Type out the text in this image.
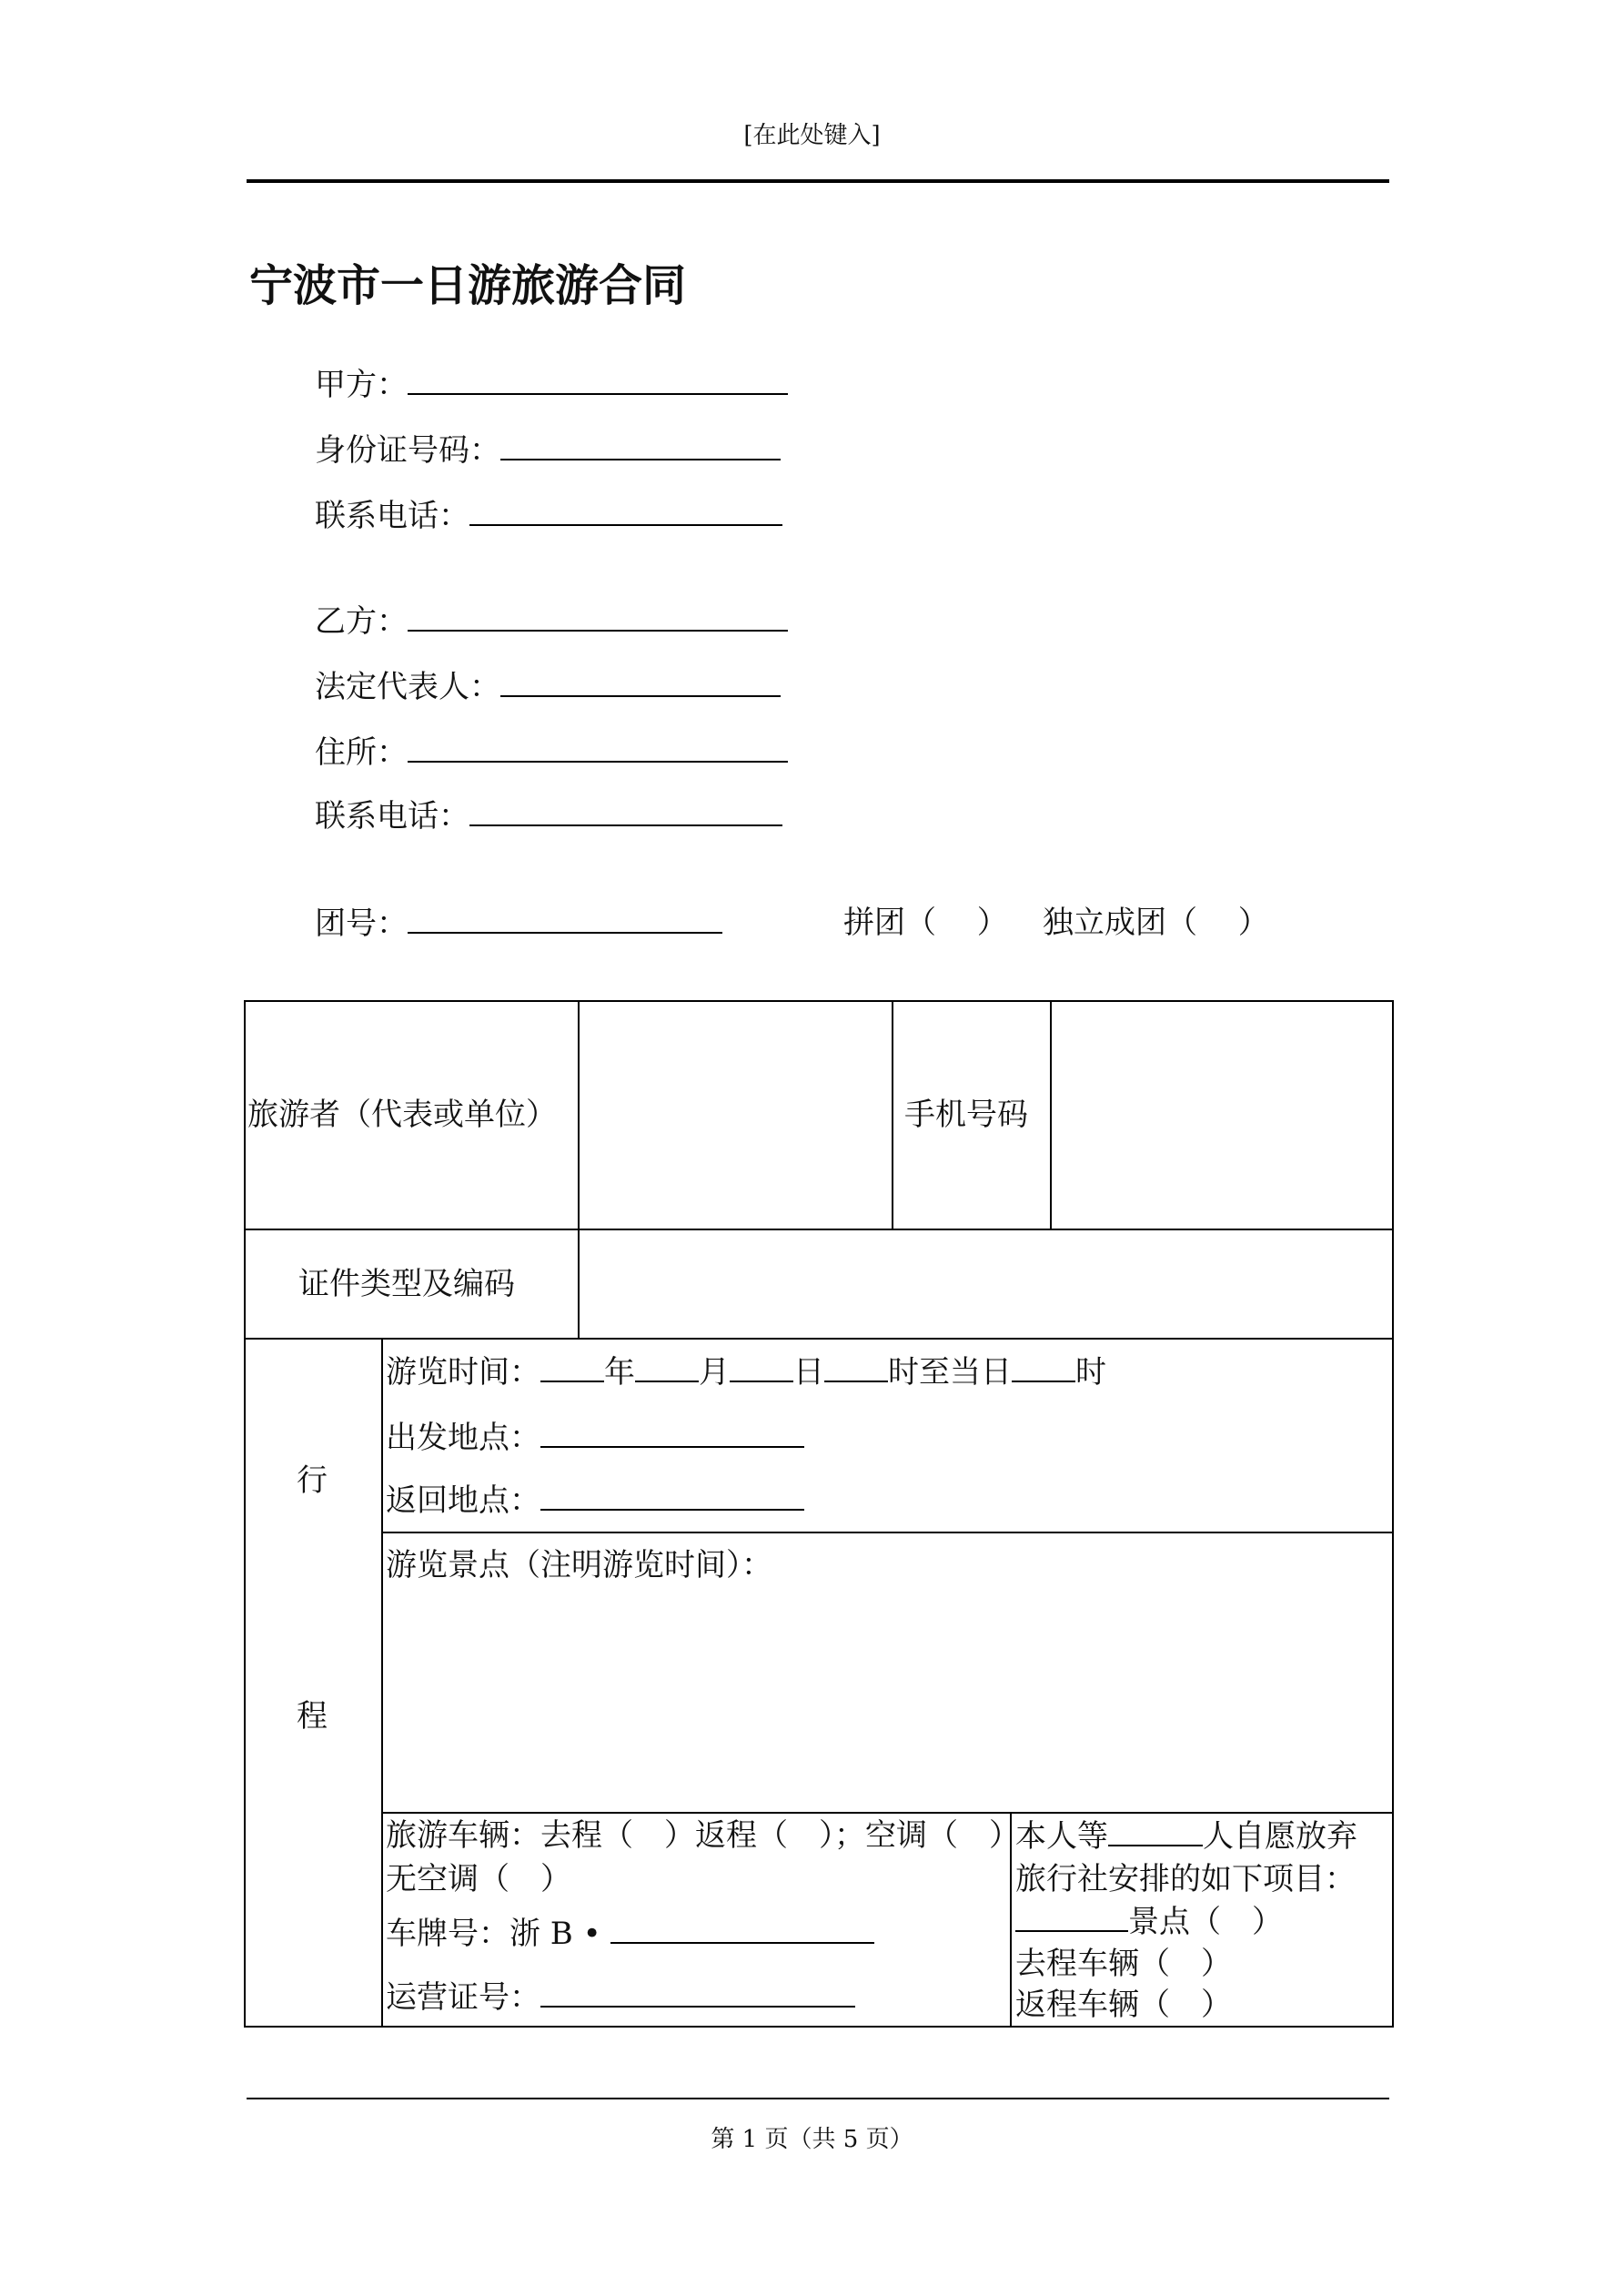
[在此处键入]
宁波市一日游旅游合同
甲方：
身份证号码：
联系电话：
乙方：
法定代表人：
住所：
联系电话：
团号：	拼团（　 ） 独立成团（　 ）
旅游者（代表或单位）	手机号码
证件类型及编码
行
程
游览时间： 年 月 日 时至当日 时
出发地点：
返回地点：
游览景点（注明游览时间）：
旅游车辆：去程（　）返程（　）；空调（　）
无空调（　）
车牌号：浙 B •
运营证号：
本人等	人自愿放弃
旅行社安排的如下项目：
景点（　）
去程车辆（　）
返程车辆（　）
第 1 页（共 5 页）
